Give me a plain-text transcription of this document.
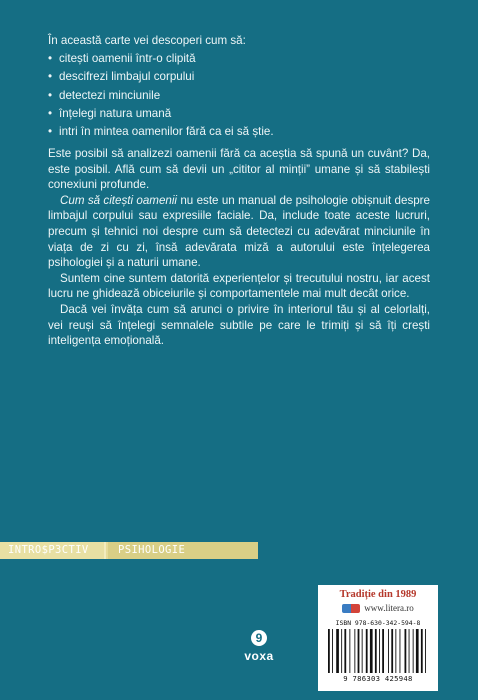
În această carte vei descoperi cum să:
• citești oamenii într-o clipită
• descifrezi limbajul corpului
• detectezi minciunile
• înțelegi natura umană
• intri în mintea oamenilor fără ca ei să știe.

Este posibil să analizezi oamenii fără ca aceștia să spună un cuvânt? Da, este posibil. Află cum să devii un „cititor al minții” umane și să stabilești conexiuni profunde.

Cum să citești oamenii nu este un manual de psihologie obișnuit despre limbajul corpului sau expresiile faciale. Da, include toate aceste lucruri, precum și tehnici noi despre cum să detectezi cu adevărat minciunile în viața de zi cu zi, însă adevărata miză a autorului este înțelegerea psihologiei și a naturii umane.

Suntem cine suntem datorită experiențelor și trecutului nostru, iar acest lucru ne ghidează obiceiurile și comportamentele mai mult decât orice.

Dacă vei învăța cum să arunci o privire în interiorul tău și al celorlalți, vei reuși să înțelegi semnalele subtile pe care le trimiți și să îți crești inteligența emoțională.

INTRO$P3CTIV	PSIHOLOGIE
9
voxa
Tradiție din 1989
www.litera.ro
ISBN 978-630-342-594-8
9 786303 425948
